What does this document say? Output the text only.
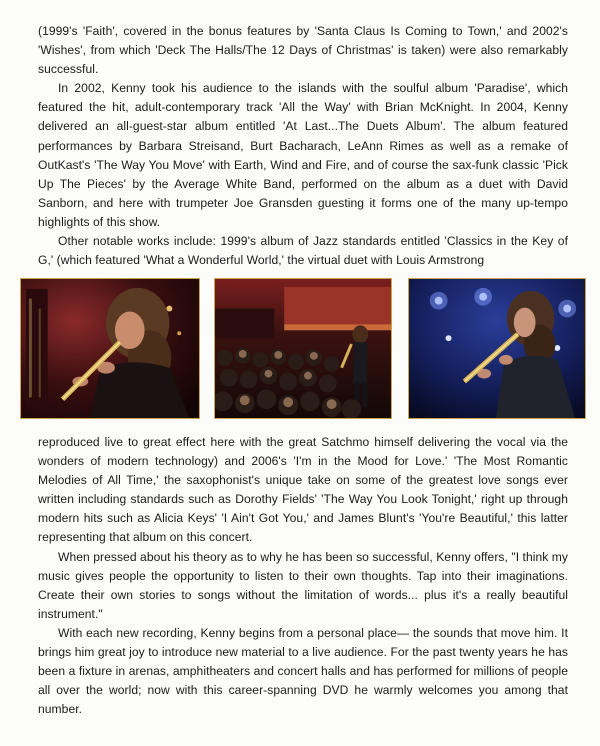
(1999's 'Faith', covered in the bonus features by 'Santa Claus Is Coming to Town,' and 2002's 'Wishes', from which 'Deck The Halls/The 12 Days of Christmas' is taken) were also remarkably successful.

In 2002, Kenny took his audience to the islands with the soulful album 'Paradise', which featured the hit, adult-contemporary track 'All the Way' with Brian McKnight. In 2004, Kenny delivered an all-guest-star album entitled 'At Last...The Duets Album'. The album featured performances by Barbara Streisand, Burt Bacharach, LeAnn Rimes as well as a remake of OutKast's 'The Way You Move' with Earth, Wind and Fire, and of course the sax-funk classic 'Pick Up The Pieces' by the Average White Band, performed on the album as a duet with David Sanborn, and here with trumpeter Joe Gransden guesting it forms one of the many up-tempo highlights of this show.

Other notable works include: 1999's album of Jazz standards entitled 'Classics in the Key of G,' (which featured 'What a Wonderful World,' the virtual duet with Louis Armstrong

reproduced live to great effect here with the great Satchmo himself delivering the vocal via the wonders of modern technology) and 2006's 'I'm in the Mood for Love.' 'The Most Romantic Melodies of All Time,' the saxophonist's unique take on some of the greatest love songs ever written including standards such as Dorothy Fields' 'The Way You Look Tonight,' right up through modern hits such as Alicia Keys' 'I Ain't Got You,' and James Blunt's 'You're Beautiful,' this latter representing that album on this concert.

When pressed about his theory as to why he has been so successful, Kenny offers, "I think my music gives people the opportunity to listen to their own thoughts. Tap into their imaginations. Create their own stories to songs without the limitation of words... plus it's a really beautiful instrument."

With each new recording, Kenny begins from a personal place— the sounds that move him. It brings him great joy to introduce new material to a live audience. For the past twenty years he has been a fixture in arenas, amphitheaters and concert halls and has performed for millions of people all over the world; now with this career-spanning DVD he warmly welcomes you among that number.
